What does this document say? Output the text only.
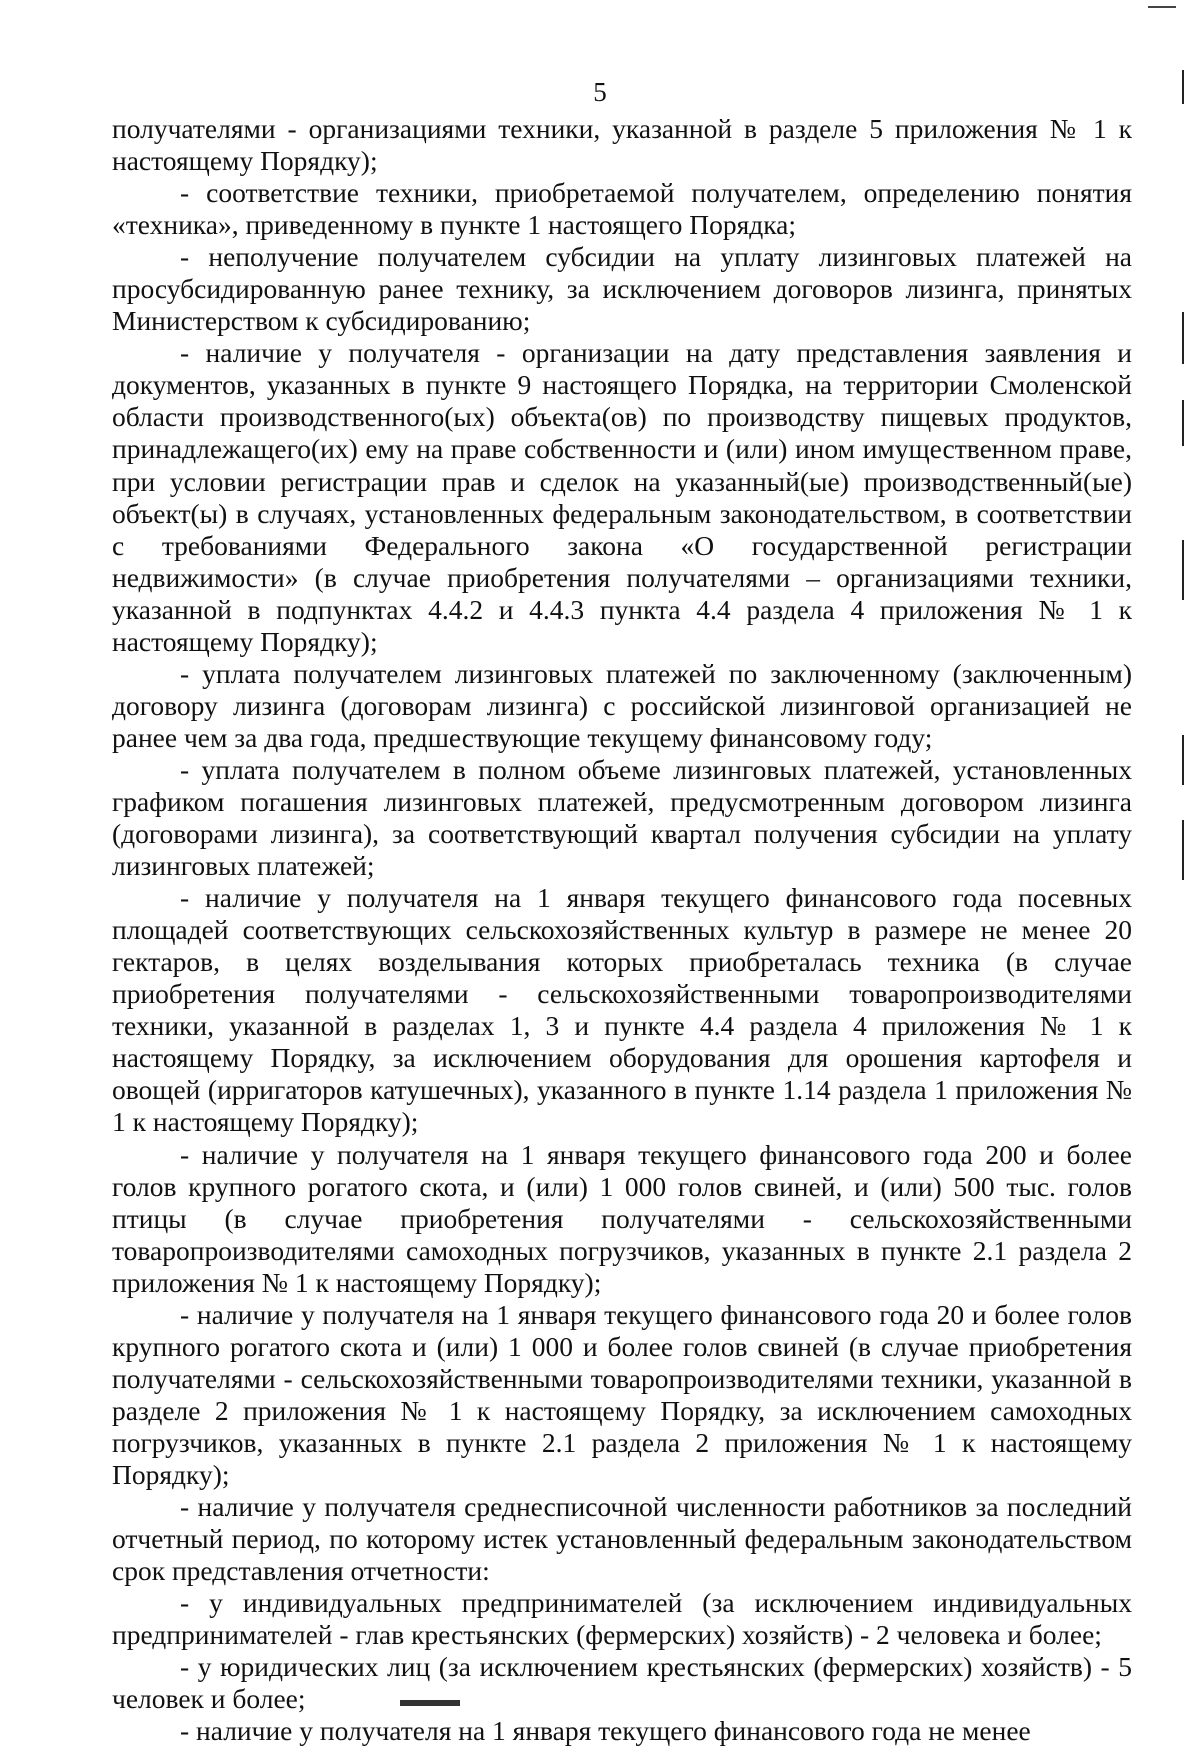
5

получателями - организациями техники, указанной в разделе 5 приложения № 1 к настоящему Порядку);

- соответствие техники, приобретаемой получателем, определению понятия «техника», приведенному в пункте 1 настоящего Порядка;

- неполучение получателем субсидии на уплату лизинговых платежей на просубсидированную ранее технику, за исключением договоров лизинга, принятых Министерством к субсидированию;

- наличие у получателя - организации на дату представления заявления и документов, указанных в пункте 9 настоящего Порядка, на территории Смоленской области производственного(ых) объекта(ов) по производству пищевых продуктов, принадлежащего(их) ему на праве собственности и (или) ином имущественном праве, при условии регистрации прав и сделок на указанный(ые) производственный(ые) объект(ы) в случаях, установленных федеральным законодательством, в соответствии с требованиями Федерального закона «О государственной регистрации недвижимости» (в случае приобретения получателями – организациями техники, указанной в подпунктах 4.4.2 и 4.4.3 пункта 4.4 раздела 4 приложения № 1 к настоящему Порядку);

- уплата получателем лизинговых платежей по заключенному (заключенным) договору лизинга (договорам лизинга) с российской лизинговой организацией не ранее чем за два года, предшествующие текущему финансовому году;

- уплата получателем в полном объеме лизинговых платежей, установленных графиком погашения лизинговых платежей, предусмотренным договором лизинга (договорами лизинга), за соответствующий квартал получения субсидии на уплату лизинговых платежей;

- наличие у получателя на 1 января текущего финансового года посевных площадей соответствующих сельскохозяйственных культур в размере не менее 20 гектаров, в целях возделывания которых приобреталась техника (в случае приобретения получателями - сельскохозяйственными товаропроизводителями техники, указанной в разделах 1, 3 и пункте 4.4 раздела 4 приложения № 1 к настоящему Порядку, за исключением оборудования для орошения картофеля и овощей (ирригаторов катушечных), указанного в пункте 1.14 раздела 1 приложения № 1 к настоящему Порядку);

- наличие у получателя на 1 января текущего финансового года 200 и более голов крупного рогатого скота, и (или) 1 000 голов свиней, и (или) 500 тыс. голов птицы (в случае приобретения получателями - сельскохозяйственными товаропроизводителями самоходных погрузчиков, указанных в пункте 2.1 раздела 2 приложения № 1 к настоящему Порядку);

- наличие у получателя на 1 января текущего финансового года 20 и более голов крупного рогатого скота и (или) 1 000 и более голов свиней (в случае приобретения получателями - сельскохозяйственными товаропроизводителями техники, указанной в разделе 2 приложения № 1 к настоящему Порядку, за исключением самоходных погрузчиков, указанных в пункте 2.1 раздела 2 приложения № 1 к настоящему Порядку);

- наличие у получателя среднесписочной численности работников за последний отчетный период, по которому истек установленный федеральным законодательством срок представления отчетности:

- у индивидуальных предпринимателей (за исключением индивидуальных предпринимателей - глав крестьянских (фермерских) хозяйств) - 2 человека и более;

- у юридических лиц (за исключением крестьянских (фермерских) хозяйств) - 5 человек и более;

- наличие у получателя на 1 января текущего финансового года не менее
